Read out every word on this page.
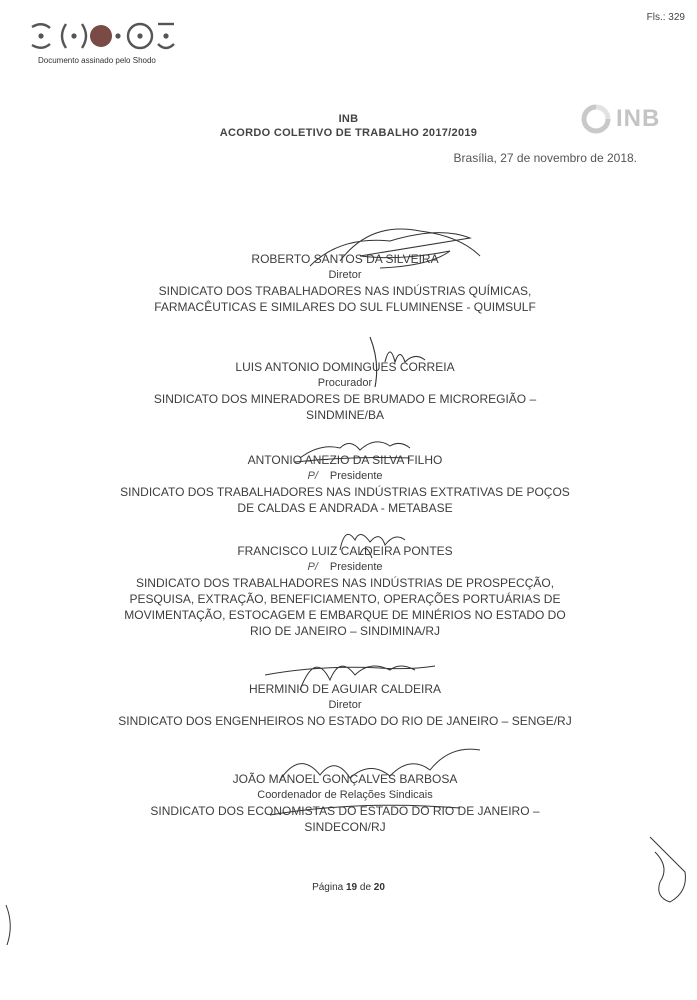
Fls.: 329
Documento assinado pelo Shodo
INB
INB
ACORDO COLETIVO DE TRABALHO 2017/2019
Brasília, 27 de novembro de 2018.
ROBERTO SANTOS DA SILVEIRA
Diretor
SINDICATO DOS TRABALHADORES NAS INDÚSTRIAS QUÍMICAS,
FARMACÊUTICAS E SIMILARES DO SUL FLUMINENSE - QUIMSULF
LUIS ANTONIO DOMINGUES CORREIA
Procurador
SINDICATO DOS MINERADORES DE BRUMADO E MICROREGIÃO –
SINDMINE/BA
ANTONIO ANEZIO DA SILVA FILHO
P/ Presidente
SINDICATO DOS TRABALHADORES NAS INDÚSTRIAS EXTRATIVAS DE POÇOS
DE CALDAS E ANDRADA - METABASE
FRANCISCO LUIZ CALDEIRA PONTES
P/ Presidente
SINDICATO DOS TRABALHADORES NAS INDÚSTRIAS DE PROSPECÇÃO,
PESQUISA, EXTRAÇÃO, BENEFICIAMENTO, OPERAÇÕES PORTUÁRIAS DE
MOVIMENTAÇÃO, ESTOCAGEM E EMBARQUE DE MINÉRIOS NO ESTADO DO
RIO DE JANEIRO – SINDIMINA/RJ
HERMINIO DE AGUIAR CALDEIRA
Diretor
SINDICATO DOS ENGENHEIROS NO ESTADO DO RIO DE JANEIRO – SENGE/RJ
JOÃO MANOEL GONÇALVES BARBOSA
Coordenador de Relações Sindicais
SINDICATO DOS ECONOMISTAS DO ESTADO DO RIO DE JANEIRO –
SINDECON/RJ
Página 19 de 20
